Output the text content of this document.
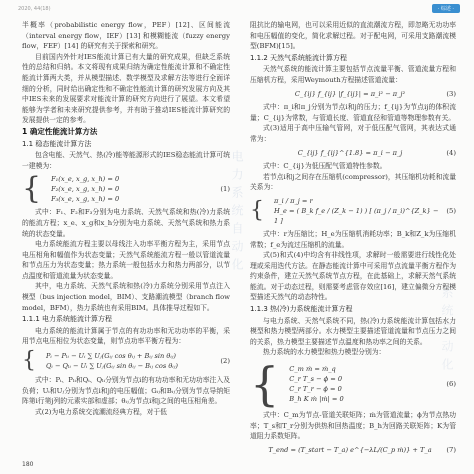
2020, 44(18)	· 综述 ·
电力系统自动化
电力系统自动化

半概率（probabilistic energy flow，PEF）[12]、区间能流（interval energy flow，IEF）[13] 和模糊能流（fuzzy energy flow，FEF）[14] 的研究有关于探索和研究。

目前国内外针对IES能流计算已有大量的研究成果，但缺乏系统性的总结和归纳。本文将现有成果归纳为确定性能流计算和不确定性能流计算两大类，并从模型描述、数学模型及求解方法等进行全面详细的分析，同时给出确定性和不确定性能流计算的研究发展方向及其中IES未来的发展要求对能流计算的研究方向进行了展望。本文希望能够为学者和未来研究提供参考，并有助于推动IES能流计算研究的发展提供一定的参考。

1 确定性能流计算方法
1.1 稳态能流计算方法

包含电能、天然气、热(冷)能等能源形式的IES稳态能流计算可统一建模为：

{ F₁(x_e, x_g, x_h) = 0
F₂(x_e, x_g, x_h) = 0
F₃(x_e, x_g, x_h) = 0
(1)

式中：F₁、F₂和F₃分别为电力系统、天然气系统和热(冷)力系统的能流方程；x_e、x_g和x_h分别为电力系统、天然气系统和热力系统的状态变量。

电力系统能流方程主要以母线注入功率平衡方程为主，采用节点电压相角和幅值作为状态变量；天然气系统能流方程一般以管道流量和节点压力为状态变量；热力系统一般包括水力和热力两部分，以节点温度和管道流量为状态变量。

其中，电力系统、天然气系统和热(冷)力系统分别采用节点注入模型（bus injection model，BIM）、支路潮流模型（branch flow model，BFM），热力系统也有采用BIM。具体推导过程如下。

1.1.1 电力系统能流计算方程

电力系统的能流计算属于节点的有功功率和无功功率的平衡，采用节点电压相位为状态变量，则节点功率平衡方程为：

{ Pᵢ − Pₗᵢ − Uᵢ ∑ Uⱼ(Gᵢⱼ cos θᵢⱼ + Bᵢⱼ sin θᵢⱼ)
Qᵢ − Qₗᵢ − Uᵢ ∑ Uⱼ(Gᵢⱼ sin θᵢⱼ − Bᵢⱼ cos θᵢⱼ)
(2)

式中：Pᵢ、Pₗᵢ和Qᵢ、Qₗᵢ分别为节点i的有功功率和无功功率注入及负荷；Uᵢ和Uⱼ分别为节点i和j的电压幅值；Gᵢⱼ和Bᵢⱼ分别为节点导纳矩阵第i行第j列的元素实部和虚部；θᵢⱼ为节点i和j之间的电压相角差。

式(2)为电力系统交流潮流经典方程，对于低

阻抗比的输电网，也可以采用近似的直流潮流方程，即忽略无功功率和电压幅值的变化，简化求解过程。对于配电网，可采用支路潮流模型(BFM)[15]。

1.1.2 天然气系统能流计算方程

天然气系统的能流计算主要包括节点流量平衡、管道流量方程和压缩机方程，采用Weymouth方程描述管道流量：

C_{ij} f_{ij} |f_{ij}| = π_i² − π_j²	(3)

式中：π_i和π_j分别为节点i和j的压力；f_{ij}为节点ij的体积流量；C_{ij}为常数，与管道长度、管道直径和管道等物理参数有关。

式(3)适用于高中压输气管网，对于低压配气管网，其表达式通常为：

C_{ij} f_{ij}^{1.8} = π_i − π_j	(4)

式中：C_{ij}为低压配气管道特性参数。

若节点i和j之间存在压缩机(compressor)，其压缩机功耗和流量关系为：

{ π_i / π_j = r
H_e = ( B_k f_e / (Z_k − 1) ) [ (π_j / π_i)^{Z_k} − 1 ]
(5)

式中：r为压缩比；H_e为压缩机消耗功率；B_k和Z_k为压缩机常数；f_e为流过压缩机的流量。

式(5)和式(4)中均含有非线性项，求解时一般需要进行线性化处理或采用迭代方法。在静态能流计算中可采用节点流量平衡方程作为约束条件，建立天然气系统节点方程，在此基础上，求解天然气系统能流。对于动态过程，则需要考虑管存效应[16]，建立偏微分方程模型描述天然气的动态特性。

1.1.3 热(冷)力系统能流计算方程

与电力系统、天然气系统不同，热(冷)力系统能流计算包括水力模型和热力模型两部分。水力模型主要描述管道流量和节点压力之间的关系，热力模型主要描述节点温度和热功率之间的关系。

热力系统的水力模型和热力模型分别为：

{ C_m ṁ = ṁ_q
C_r T_s − ϕ = 0
C_r T_r − ϕ = 0
B_h K ṁ |ṁ| = 0
(6)

式中：C_m为节点-管道关联矩阵；ṁ为管道流量；ϕ为节点热功率；T_s和T_r分别为供热和回热温度；B_h为回路关联矩阵；K为管道阻力系数矩阵。

T_end = (T_start − T_a) e^{−λL/(C_p ṁ)} + T_a	(7)
180
